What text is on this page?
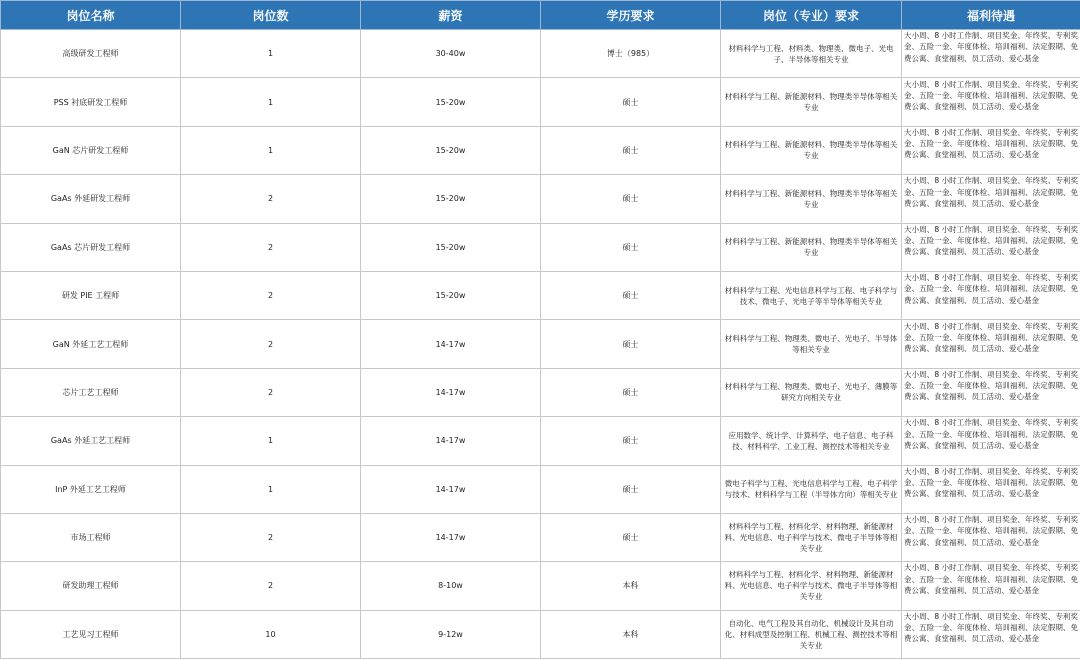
岗位名称	岗位数	薪资	学历要求	岗位（专业）要求	福利待遇
高级研发工程师	1	30-40w	博士（985）	材料科学与工程、材料类、物理类、微电子、光电子、半导体等相关专业	大小周、8 小时工作制、项目奖金、年终奖、专利奖金、五险一金、年度体检、培训福利、法定假期、免费公寓、食堂福利、员工活动、爱心基金

PSS 衬底研发工程师	1	15-20w	硕士	材料科学与工程、新能源材料、物理类半导体等相关专业	大小周、8 小时工作制、项目奖金、年终奖、专利奖金、五险一金、年度体检、培训福利、法定假期、免费公寓、食堂福利、员工活动、爱心基金

GaN 芯片研发工程师	1	15-20w	硕士	材料科学与工程、新能源材料、物理类半导体等相关专业	大小周、8 小时工作制、项目奖金、年终奖、专利奖金、五险一金、年度体检、培训福利、法定假期、免费公寓、食堂福利、员工活动、爱心基金

GaAs 外延研发工程师	2	15-20w	硕士	材料科学与工程、新能源材料、物理类半导体等相关专业	大小周、8 小时工作制、项目奖金、年终奖、专利奖金、五险一金、年度体检、培训福利、法定假期、免费公寓、食堂福利、员工活动、爱心基金

GaAs 芯片研发工程师	2	15-20w	硕士	材料科学与工程、新能源材料、物理类半导体等相关专业	大小周、8 小时工作制、项目奖金、年终奖、专利奖金、五险一金、年度体检、培训福利、法定假期、免费公寓、食堂福利、员工活动、爱心基金

研发 PIE 工程师	2	15-20w	硕士	材料科学与工程、光电信息科学与工程、电子科学与技术、微电子、光电子等半导体等相关专业	大小周、8 小时工作制、项目奖金、年终奖、专利奖金、五险一金、年度体检、培训福利、法定假期、免费公寓、食堂福利、员工活动、爱心基金

GaN 外延工艺工程师	2	14-17w	硕士	材料科学与工程、物理类、微电子、光电子、半导体等相关专业	大小周、8 小时工作制、项目奖金、年终奖、专利奖金、五险一金、年度体检、培训福利、法定假期、免费公寓、食堂福利、员工活动、爱心基金

芯片工艺工程师	2	14-17w	硕士	材料科学与工程、物理类、微电子、光电子、薄膜等研究方向相关专业	大小周、8 小时工作制、项目奖金、年终奖、专利奖金、五险一金、年度体检、培训福利、法定假期、免费公寓、食堂福利、员工活动、爱心基金

GaAs 外延工艺工程师	1	14-17w	硕士	应用数学、统计学、计算科学、电子信息、电子科技、材料科学、工业工程、测控技术等相关专业	大小周、8 小时工作制、项目奖金、年终奖、专利奖金、五险一金、年度体检、培训福利、法定假期、免费公寓、食堂福利、员工活动、爱心基金

InP 外延工艺工程师	1	14-17w	硕士	微电子科学与工程、光电信息科学与工程、电子科学与技术、材料科学与工程（半导体方向）等相关专业	大小周、8 小时工作制、项目奖金、年终奖、专利奖金、五险一金、年度体检、培训福利、法定假期、免费公寓、食堂福利、员工活动、爱心基金

市场工程师	2	14-17w	硕士	材料科学与工程、材料化学、材料物理、新能源材料、光电信息、电子科学与技术、微电子半导体等相关专业	大小周、8 小时工作制、项目奖金、年终奖、专利奖金、五险一金、年度体检、培训福利、法定假期、免费公寓、食堂福利、员工活动、爱心基金

研发助理工程师	2	8-10w	本科	材料科学与工程、材料化学、材料物理、新能源材料、光电信息、电子科学与技术、微电子半导体等相关专业	大小周、8 小时工作制、项目奖金、年终奖、专利奖金、五险一金、年度体检、培训福利、法定假期、免费公寓、食堂福利、员工活动、爱心基金

工艺见习工程师	10	9-12w	本科	自动化、电气工程及其自动化、机械设计及其自动化、材料成型及控制工程、机械工程、测控技术等相关专业	大小周、8 小时工作制、项目奖金、年终奖、专利奖金、五险一金、年度体检、培训福利、法定假期、免费公寓、食堂福利、员工活动、爱心基金
